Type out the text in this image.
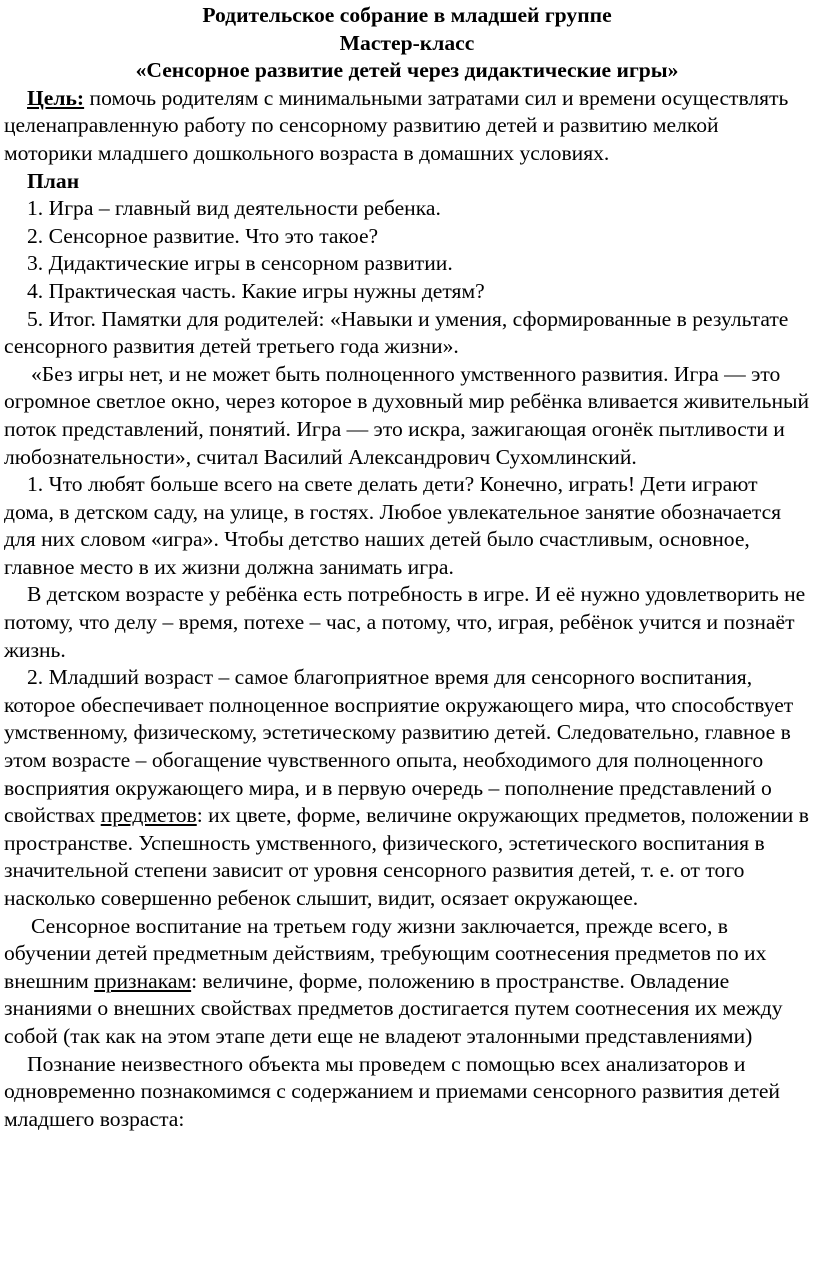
Родительское собрание в младшей группе

Мастер-класс

«Сенсорное развитие детей через дидактические игры»

Цель: помочь родителям с минимальными затратами сил и времени осуществлять целенаправленную работу по сенсорному развитию детей и развитию мелкой моторики младшего дошкольного возраста в домашних условиях.

План

1. Игра – главный вид деятельности ребенка.

2. Сенсорное развитие. Что это такое?

3. Дидактические игры в сенсорном развитии.

4. Практическая часть. Какие игры нужны детям?

5. Итог. Памятки для родителей: «Навыки и умения, сформированные в результате сенсорного развития детей третьего года жизни».

«Без игры нет, и не может быть полноценного умственного развития. Игра — это огромное светлое окно, через которое в духовный мир ребёнка вливается живительный поток представлений, понятий. Игра — это искра, зажигающая огонёк пытливости и любознательности», считал Василий Александрович Сухомлинский.

1. Что любят больше всего на свете делать дети? Конечно, играть! Дети играют дома, в детском саду, на улице, в гостях. Любое увлекательное занятие обозначается для них словом «игра». Чтобы детство наших детей было счастливым, основное, главное место в их жизни должна занимать игра.

В детском возрасте у ребёнка есть потребность в игре. И её нужно удовлетворить не потому, что делу – время, потехе – час, а потому, что, играя, ребёнок учится и познаёт жизнь.

2. Младший возраст – самое благоприятное время для сенсорного воспитания, которое обеспечивает полноценное восприятие окружающего мира, что способствует умственному, физическому, эстетическому развитию детей. Следовательно, главное в этом возрасте – обогащение чувственного опыта, необходимого для полноценного восприятия окружающего мира, и в первую очередь – пополнение представлений о свойствах предметов: их цвете, форме, величине окружающих предметов, положении в пространстве. Успешность умственного, физического, эстетического воспитания в значительной степени зависит от уровня сенсорного развития детей, т. е. от того насколько совершенно ребенок слышит, видит, осязает окружающее.

Сенсорное воспитание на третьем году жизни заключается, прежде всего, в обучении детей предметным действиям, требующим соотнесения предметов по их внешним признакам: величине, форме, положению в пространстве. Овладение знаниями о внешних свойствах предметов достигается путем соотнесения их между собой (так как на этом этапе дети еще не владеют эталонными представлениями)

Познание неизвестного объекта мы проведем с помощью всех анализаторов и одновременно познакомимся с содержанием и приемами сенсорного развития детей младшего возраста:
